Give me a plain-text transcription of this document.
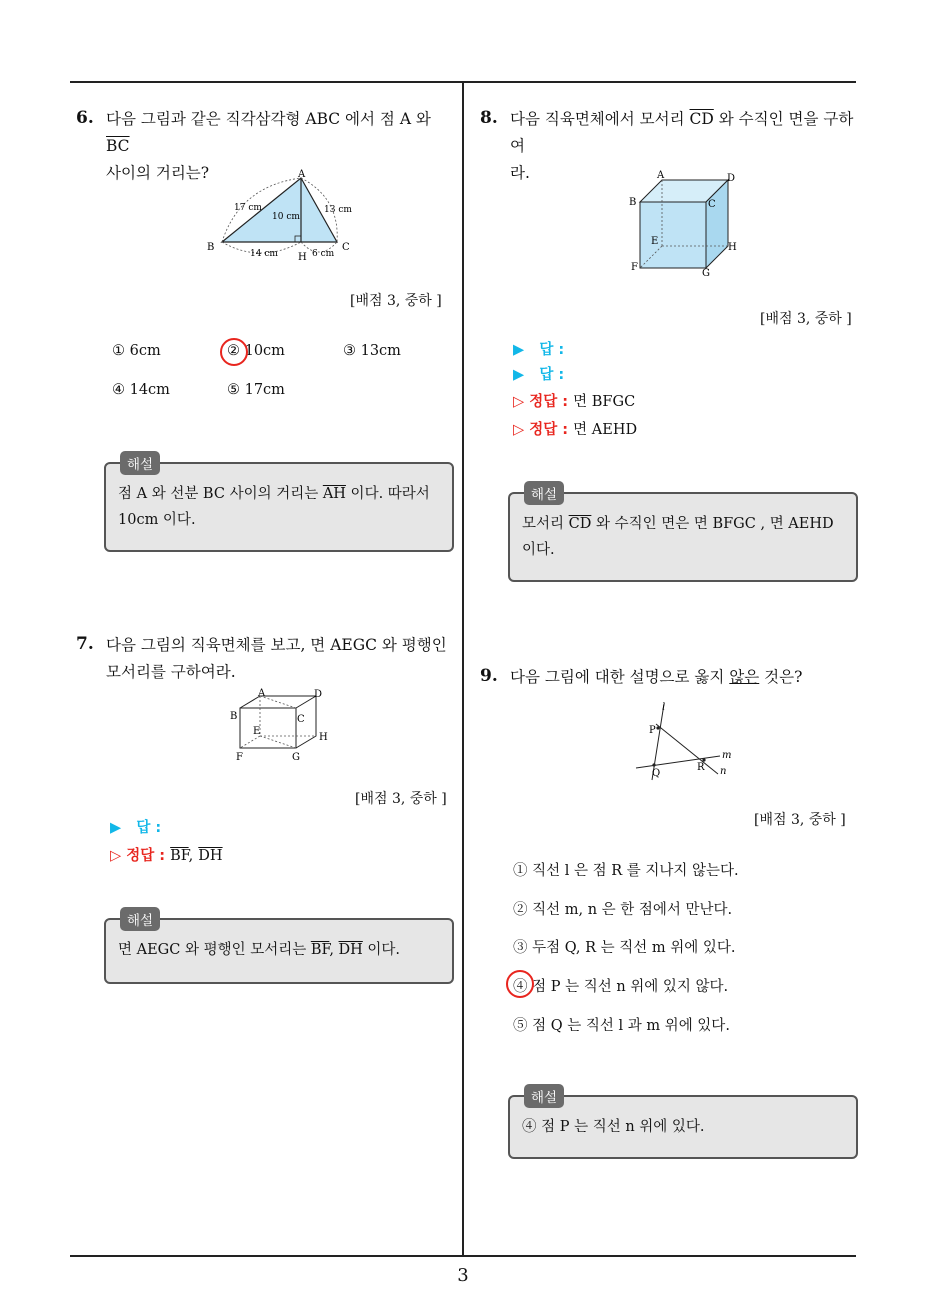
3
6. 다음 그림과 같은 직각삼각형 ABC 에서 점 A 와 $\overline{BC}$
사이의 거리는?	A
B	C
H
17 cm	13 cm
10 cm
14 cm	6 cm
[배점 3, 중하 ]
① 6cm	② 10cm	③ 13cm
④ 14cm	⑤ 17cm
해설
점 A 와 선분 BC 사이의 거리는 $\overline{AH}$ 이다. 따라서
10cm 이다.
7. 다음 그림의 직육면체를 보고, 면 AEGC 와 평행인
모서리를 구하여라.
A	D
B	C
E
H
F	G
[배점 3, 중하 ]
▶ 답 :
▷ 정답 : $\overline{BF}$, $\overline{DH}$
해설
면 AEGC 와 평행인 모서리는 $\overline{BF}$, $\overline{DH}$ 이다.
8. 다음 직육면체에서 모서리 $\overline{CD}$ 와 수직인 면을 구하여
라.	A	D
B	C
E
H
F
G
[배점 3, 중하 ]
▶ 답 :
▶ 답 :
▷ 정답 : 면 BFGC
▷ 정답 : 면 AEHD
해설
모서리 $\overline{CD}$ 와 수직인 면은 면 BFGC , 면 AEHD
이다.
9. 다음 그림에 대한 설명으로 옳지 않은 것은?
l
P
Q
R
m
n
[배점 3, 중하 ]
① 직선 l 은 점 R 를 지나지 않는다.
② 직선 m, n 은 한 점에서 만난다.
③ 두점 Q, R 는 직선 m 위에 있다.
④ 점 P 는 직선 n 위에 있지 않다.
⑤ 점 Q 는 직선 l 과 m 위에 있다.
해설
④ 점 P 는 직선 n 위에 있다.
